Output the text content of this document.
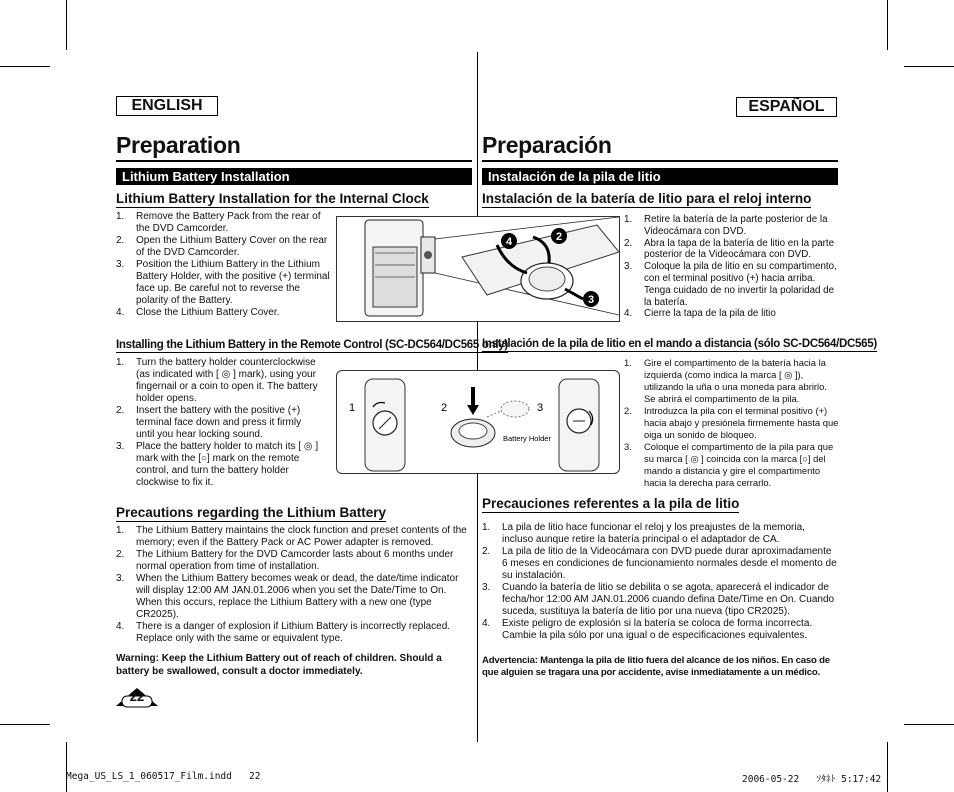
ENGLISH	ESPAÑOL
Preparation	Preparación
Lithium Battery Installation	Instalación de la pila de litio
Lithium Battery Installation for the Internal Clock	Instalación de la batería de litio para el reloj interno
1. Remove the Battery Pack from the rear of the DVD Camcorder.
2. Open the Lithium Battery Cover on the rear of the DVD Camcorder.
3. Position the Lithium Battery in the Lithium Battery Holder, with the positive (+) terminal face up. Be careful not to reverse the polarity of the Battery.
4. Close the Lithium Battery Cover.
4	2
3
1. Retire la batería de la parte posterior de la Videocámara con DVD.
2. Abra la tapa de la batería de litio en la parte posterior de la Videocámara con DVD.
3. Coloque la pila de litio en su compartimento, con el terminal positivo (+) hacia arriba. Tenga cuidado de no invertir la polaridad de la batería.
4. Cierre la tapa de la pila de litio
Installing the Lithium Battery in the Remote Control (SC-DC564/DC565 only)
Instalación de la pila de litio en el mando a distancia (sólo SC-DC564/DC565)
1. Turn the battery holder counterclockwise (as indicated with [ ◎ ] mark), using your fingernail or a coin to open it. The battery holder opens.
2. Insert the battery with the positive (+) terminal face down and press it firmly until you hear locking sound.
3. Place the battery holder to match its [ ◎ ] mark with the [○] mark on the remote control, and turn the battery holder clockwise to fix it.
1	2	3
Battery Holder
1. Gire el compartimento de la batería hacia la izquierda (como indica la marca [ ◎ ]), utilizando la uña o una moneda para abrirlo. Se abrirá el compartimento de la pila.
2. Introduzca la pila con el terminal positivo (+) hacia abajo y presiónela firmemente hasta que oiga un sonido de bloqueo.
3. Coloque el compartimento de la pila para que su marca [ ◎ ] coincida con la marca [○] del mando a distancia y gire el compartimento hacia la derecha para cerrarlo.
Precautions regarding the Lithium Battery
Precauciones referentes a la pila de litio
1. The Lithium Battery maintains the clock function and preset contents of the memory; even if the Battery Pack or AC Power adapter is removed.
2. The Lithium Battery for the DVD Camcorder lasts about 6 months under normal operation from time of installation.
3. When the Lithium Battery becomes weak or dead, the date/time indicator will display 12:00 AM JAN.01.2006 when you set the Date/Time to On. When this occurs, replace the Lithium Battery with a new one (type CR2025).
4. There is a danger of explosion if Lithium Battery is incorrectly replaced. Replace only with the same or equivalent type.
Warning: Keep the Lithium Battery out of reach of children. Should a battery be swallowed, consult a doctor immediately.
1. La pila de litio hace funcionar el reloj y los preajustes de la memoria, incluso aunque retire la batería principal o el adaptador de CA.
2. La pila de litio de la Videocámara con DVD puede durar aproximadamente 6 meses en condiciones de funcionamiento normales desde el momento de su instalación.
3. Cuando la batería de litio se debilita o se agota, aparecerá el indicador de fecha/hor 12:00 AM JAN.01.2006 cuando defina Date/Time en On. Cuando suceda, sustituya la batería de litio por una nueva (tipo CR2025).
4. Existe peligro de explosión si la batería se coloca de forma incorrecta. Cambie la pila sólo por una igual o de especificaciones equivalentes.
Advertencia: Mantenga la pila de litio fuera del alcance de los niños. En caso de que alguien se tragara una por accidente, avise inmediatamente a un médico.
22
Mega_US_LS_1_060517_Film.indd 22	2006-05-22 ｿﾀﾈﾄ 5:17:42
